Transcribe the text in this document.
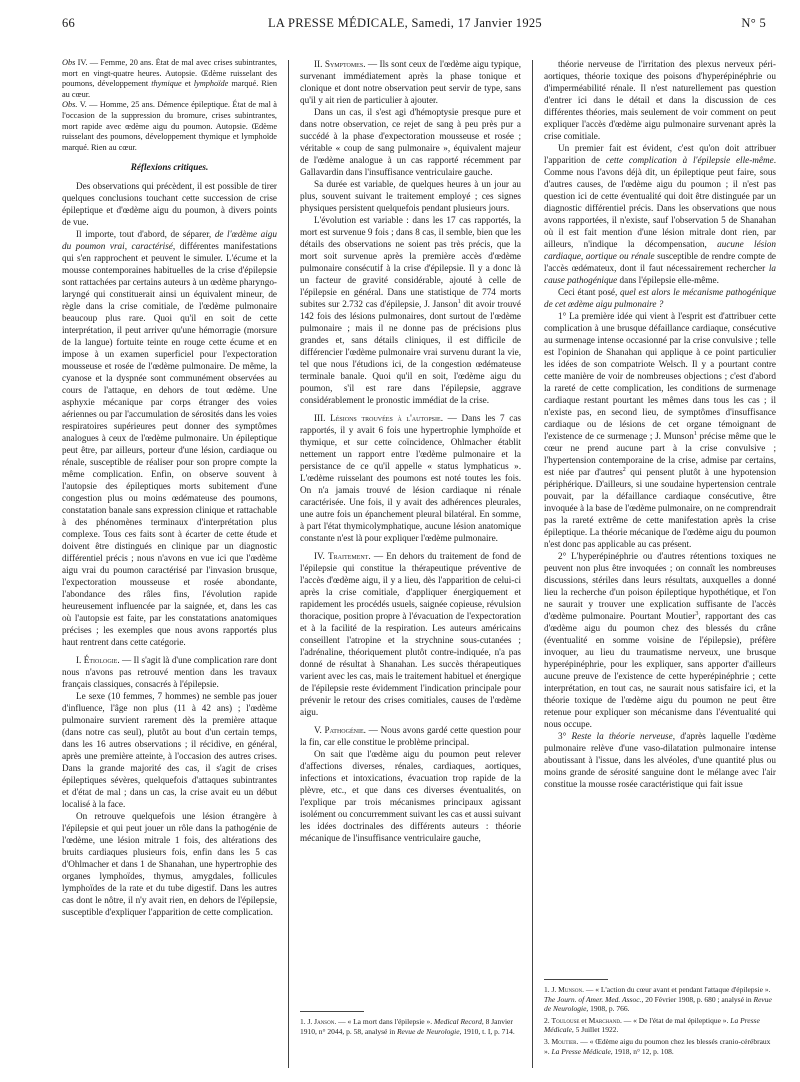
66	LA PRESSE MÉDICALE, Samedi, 17 Janvier 1925	N° 5

Obs IV. — Femme, 20 ans. État de mal avec crises subintrantes, mort en vingt-quatre heures. Autopsie. Œdème ruisselant des poumons, développement thymique et lymphoïde marqué. Rien au cœur.

Obs. V. — Homme, 25 ans. Démence épileptique. État de mal à l'occasion de la suppression du bromure, crises subintrantes, mort rapide avec œdème aigu du poumon. Autopsie. Œdème ruisselant des poumons, développement thymique et lymphoïde marqué. Rien au cœur.

Réflexions critiques.

Des observations qui précèdent, il est possible de tirer quelques conclusions touchant cette succession de crise épileptique et d'œdème aigu du poumon, à divers points de vue.

Il importe, tout d'abord, de séparer, de l'œdème aigu du poumon vrai, caractérisé, différentes manifestations qui s'en rapprochent et peuvent le simuler. L'écume et la mousse contemporaines habituelles de la crise d'épilepsie sont rattachées par certains auteurs à un œdème pharyngo-laryngé qui constituerait ainsi un équivalent mineur, de règle dans la crise comitiale, de l'œdème pulmonaire beaucoup plus rare. Quoi qu'il en soit de cette interprétation, il peut arriver qu'une hémorragie (morsure de la langue) fortuite teinte en rouge cette écume et en impose à un examen superficiel pour l'expectoration mousseuse et rosée de l'œdème pulmonaire. De même, la cyanose et la dyspnée sont communément observées au cours de l'attaque, en dehors de tout œdème. Une asphyxie mécanique par corps étranger des voies aériennes ou par l'accumulation de sérosités dans les voies respiratoires supérieures peut donner des symptômes analogues à ceux de l'œdème pulmonaire. Un épileptique peut être, par ailleurs, porteur d'une lésion, cardiaque ou rénale, susceptible de réaliser pour son propre compte la même complication. Enfin, on observe souvent à l'autopsie des épileptiques morts subitement d'une congestion plus ou moins œdémateuse des poumons, constatation banale sans expression clinique et rattachable à des phénomènes terminaux d'interprétation plus complexe. Tous ces faits sont à écarter de cette étude et doivent être distingués en clinique par un diagnostic différentiel précis ; nous n'avons en vue ici que l'œdème aigu vrai du poumon caractérisé par l'invasion brusque, l'expectoration mousseuse et rosée abondante, l'abondance des râles fins, l'évolution rapide heureusement influencée par la saignée, et, dans les cas où l'autopsie est faite, par les constatations anatomiques précises ; les exemples que nous avons rapportés plus haut rentrent dans cette catégorie.

I. Étiologie. — Il s'agit là d'une complication rare dont nous n'avons pas retrouvé mention dans les travaux français classiques, consacrés à l'épilepsie.

Le sexe (10 femmes, 7 hommes) ne semble pas jouer d'influence, l'âge non plus (11 à 42 ans) ; l'œdème pulmonaire survient rarement dès la première attaque (dans notre cas seul), plutôt au bout d'un certain temps, dans les 16 autres observations ; il récidive, en général, après une première atteinte, à l'occasion des autres crises. Dans la grande majorité des cas, il s'agit de crises épileptiques sévères, quelquefois d'attaques subintrantes et d'état de mal ; dans un cas, la crise avait eu un début localisé à la face.

On retrouve quelquefois une lésion étrangère à l'épilepsie et qui peut jouer un rôle dans la pathogénie de l'œdème, une lésion mitrale 1 fois, des altérations des bruits cardiaques plusieurs fois, enfin dans les 5 cas d'Ohlmacher et dans 1 de Shanahan, une hypertrophie des organes lymphoïdes, thymus, amygdales, follicules lymphoïdes de la rate et du tube digestif. Dans les autres cas dont le nôtre, il n'y avait rien, en dehors de l'épilepsie, susceptible d'expliquer l'apparition de cette complication.

II. Symptomes. — Ils sont ceux de l'œdème aigu typique, survenant immédiatement après la phase tonique et clonique et dont notre observation peut servir de type, sans qu'il y ait rien de particulier à ajouter.

Dans un cas, il s'est agi d'hémoptysie presque pure et dans notre observation, ce rejet de sang à peu près pur a succédé à la phase d'expectoration mousseuse et rosée ; véritable « coup de sang pulmonaire », équivalent majeur de l'œdème analogue à un cas rapporté récemment par Gallavardin dans l'insuffisance ventriculaire gauche.

Sa durée est variable, de quelques heures à un jour au plus, souvent suivant le traitement employé ; ces signes physiques persistent quelquefois pendant plusieurs jours.

L'évolution est variable : dans les 17 cas rapportés, la mort est survenue 9 fois ; dans 8 cas, il semble, bien que les détails des observations ne soient pas très précis, que la mort soit survenue après la première accès d'œdème pulmonaire consécutif à la crise d'épilepsie. Il y a donc là un facteur de gravité considérable, ajouté à celle de l'épilepsie en général. Dans une statistique de 774 morts subites sur 2.732 cas d'épilepsie, J. Janson$^1$ dit avoir trouvé 142 fois des lésions pulmonaires, dont surtout de l'œdème pulmonaire ; mais il ne donne pas de précisions plus grandes et, sans détails cliniques, il est difficile de différencier l'œdème pulmonaire vrai survenu durant la vie, tel que nous l'étudions ici, de la congestion œdémateuse terminale banale. Quoi qu'il en soit, l'œdème aigu du poumon, s'il est rare dans l'épilepsie, aggrave considérablement le pronostic immédiat de la crise.

III. Lésions trouvées à l'autopsie. — Dans les 7 cas rapportés, il y avait 6 fois une hypertrophie lymphoïde et thymique, et sur cette coïncidence, Ohlmacher établit nettement un rapport entre l'œdème pulmonaire et la persistance de ce qu'il appelle « status lymphaticus ». L'œdème ruisselant des poumons est noté toutes les fois. On n'a jamais trouvé de lésion cardiaque ni rénale caractérisée. Une fois, il y avait des adhérences pleurales, une autre fois un épanchement pleural bilatéral. En somme, à part l'état thymicolymphatique, aucune lésion anatomique constante n'est là pour expliquer l'œdème pulmonaire.

IV. Traitement. — En dehors du traitement de fond de l'épilepsie qui constitue la thérapeutique préventive de l'accès d'œdème aigu, il y a lieu, dès l'apparition de celui-ci après la crise comitiale, d'appliquer énergiquement et rapidement les procédés usuels, saignée copieuse, révulsion thoracique, position propre à l'évacuation de l'expectoration et à la facilité de la respiration. Les auteurs américains conseillent l'atropine et la strychnine sous-cutanées ; l'adrénaline, théoriquement plutôt contre-indiquée, n'a pas donné de résultat à Shanahan. Les succès thérapeutiques varient avec les cas, mais le traitement habituel et énergique de l'épilepsie reste évidemment l'indication principale pour prévenir le retour des crises comitiales, causes de l'œdème aigu.

V. Pathogénie. — Nous avons gardé cette question pour la fin, car elle constitue le problème principal.

On sait que l'œdème aigu du poumon peut relever d'affections diverses, rénales, cardiaques, aortiques, infections et intoxications, évacuation trop rapide de la plèvre, etc., et que dans ces diverses éventualités, on l'explique par trois mécanismes principaux agissant isolément ou concurremment suivant les cas et aussi suivant les idées doctrinales des différents auteurs : théorie mécanique de l'insuffisance ventriculaire gauche,

théorie nerveuse de l'irritation des plexus nerveux péri-aortiques, théorie toxique des poisons d'hyperépinéphrie ou d'imperméabilité rénale. Il n'est naturellement pas question d'entrer ici dans le détail et dans la discussion de ces différentes théories, mais seulement de voir comment on peut expliquer l'accès d'œdème aigu pulmonaire survenant après la crise comitiale.

Un premier fait est évident, c'est qu'on doit attribuer l'apparition de cette complication à l'épilepsie elle-même. Comme nous l'avons déjà dit, un épileptique peut faire, sous d'autres causes, de l'œdème aigu du poumon ; il n'est pas question ici de cette éventualité qui doit être distinguée par un diagnostic différentiel précis. Dans les observations que nous avons rapportées, il n'existe, sauf l'observation 5 de Shanahan où il est fait mention d'une lésion mitrale dont rien, par ailleurs, n'indique la décompensation, aucune lésion cardiaque, aortique ou rénale susceptible de rendre compte de l'accès œdémateux, dont il faut nécessairement rechercher la cause pathogénique dans l'épilepsie elle-même.

Ceci étant posé, quel est alors le mécanisme pathogénique de cet œdème aigu pulmonaire ?

1° La première idée qui vient à l'esprit est d'attribuer cette complication à une brusque défaillance cardiaque, consécutive au surmenage intense occasionné par la crise convulsive ; telle est l'opinion de Shanahan qui applique à ce point particulier les idées de son compatriote Welsch. Il y a pourtant contre cette manière de voir de nombreuses objections ; c'est d'abord la rareté de cette complication, les conditions de surmenage cardiaque restant pourtant les mêmes dans tous les cas ; il n'existe pas, en second lieu, de symptômes d'insuffisance cardiaque ou de lésions de cet organe témoignant de l'existence de ce surmenage ; J. Munson$^1$ précise même que le cœur ne prend aucune part à la crise convulsive ; l'hypertension contemporaine de la crise, admise par certains, est niée par d'autres$^2$ qui pensent plutôt à une hypotension périphérique. D'ailleurs, si une soudaine hypertension centrale pouvait, par la défaillance cardiaque consécutive, être invoquée à la base de l'œdème pulmonaire, on ne comprendrait pas la rareté extrême de cette manifestation après la crise épileptique. La théorie mécanique de l'œdème aigu du poumon n'est donc pas applicable au cas présent.

2° L'hyperépinéphrie ou d'autres rétentions toxiques ne peuvent non plus être invoquées ; on connaît les nombreuses discussions, stériles dans leurs résultats, auxquelles a donné lieu la recherche d'un poison épileptique hypothétique, et l'on ne saurait y trouver une explication suffisante de l'accès d'œdème pulmonaire. Pourtant Moutier$^3$, rapportant des cas d'œdème aigu du poumon chez des blessés du crâne (éventualité en somme voisine de l'épilepsie), préfère invoquer, au lieu du traumatisme nerveux, une brusque hyperépinéphrie, pour les expliquer, sans apporter d'ailleurs aucune preuve de l'existence de cette hyperépinéphrie ; cette interprétation, en tout cas, ne saurait nous satisfaire ici, et la théorie toxique de l'œdème aigu du poumon ne peut être retenue pour expliquer son mécanisme dans l'éventualité qui nous occupe.

3° Reste la théorie nerveuse, d'après laquelle l'œdème pulmonaire relève d'une vaso-dilatation pulmonaire intense aboutissant à l'issue, dans les alvéoles, d'une quantité plus ou moins grande de sérosité sanguine dont le mélange avec l'air constitue la mousse rosée caractéristique qui fait issue

1. J. Janson. — « La mort dans l'épilepsie ». Medical Record, 8 Janvier 1910, n° 2044, p. 58, analysé in Revue de Neurologie, 1910, t. I, p. 714.

1. J. Munson. — « L'action du cœur avant et pendant l'attaque d'épilepsie ». The Journ. of Amer. Med. Assoc., 20 Février 1908, p. 680 ; analysé in Revue de Neurologie, 1908, p. 766.

2. Toulouse et Marchand. — « De l'état de mal épileptique ». La Presse Médicale, 5 Juillet 1922.

3. Moutier. — « Œdème aigu du poumon chez les blessés cranio-cérébraux ». La Presse Médicale, 1918, n° 12, p. 108.
